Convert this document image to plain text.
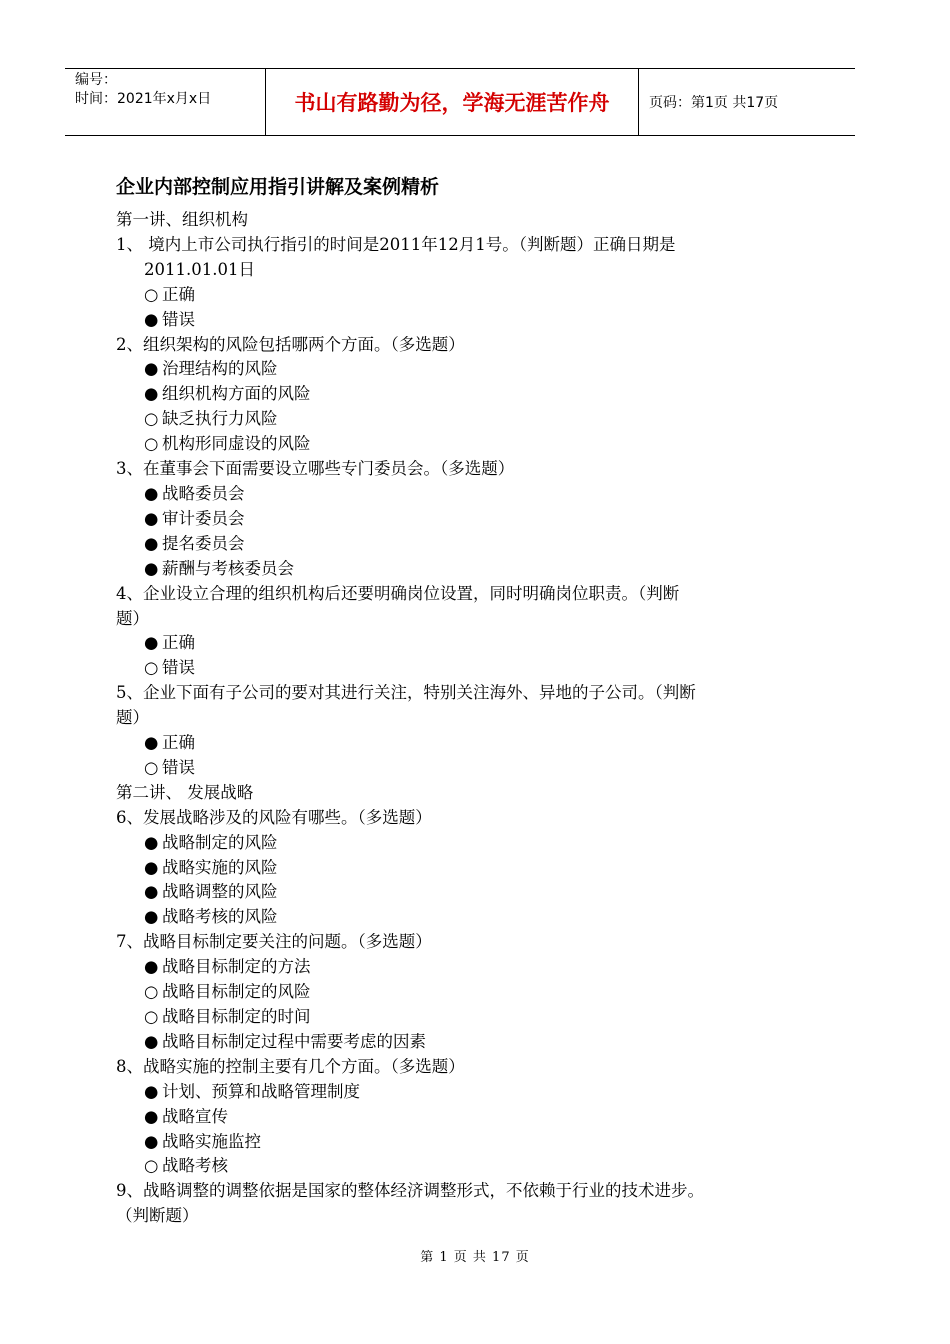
编号：
时间：2021年x月x日	书山有路勤为径，学海无涯苦作舟	页码：第1页 共17页
企业内部控制应用指引讲解及案例精析
第一讲、组织机构
1、 境内上市公司执行指引的时间是2011年12月1号。（判断题）正确日期是
2011.01.01日
○ 正确
● 错误
2、组织架构的风险包括哪两个方面。（多选题）
● 治理结构的风险
● 组织机构方面的风险
○ 缺乏执行力风险
○ 机构形同虚设的风险
3、在董事会下面需要设立哪些专门委员会。（多选题）
● 战略委员会
● 审计委员会
● 提名委员会
● 薪酬与考核委员会
4、企业设立合理的组织机构后还要明确岗位设置，同时明确岗位职责。（判断
题）
● 正确
○ 错误
5、企业下面有子公司的要对其进行关注，特别关注海外、异地的子公司。（判断
题）
● 正确
○ 错误
第二讲、 发展战略
6、发展战略涉及的风险有哪些。（多选题）
● 战略制定的风险
● 战略实施的风险
● 战略调整的风险
● 战略考核的风险
7、战略目标制定要关注的问题。（多选题）
● 战略目标制定的方法
○ 战略目标制定的风险
○ 战略目标制定的时间
● 战略目标制定过程中需要考虑的因素
8、战略实施的控制主要有几个方面。（多选题）
● 计划、预算和战略管理制度
● 战略宣传
● 战略实施监控
○ 战略考核
9、战略调整的调整依据是国家的整体经济调整形式，不依赖于行业的技术进步。
（判断题）
第 1 页 共 17 页
